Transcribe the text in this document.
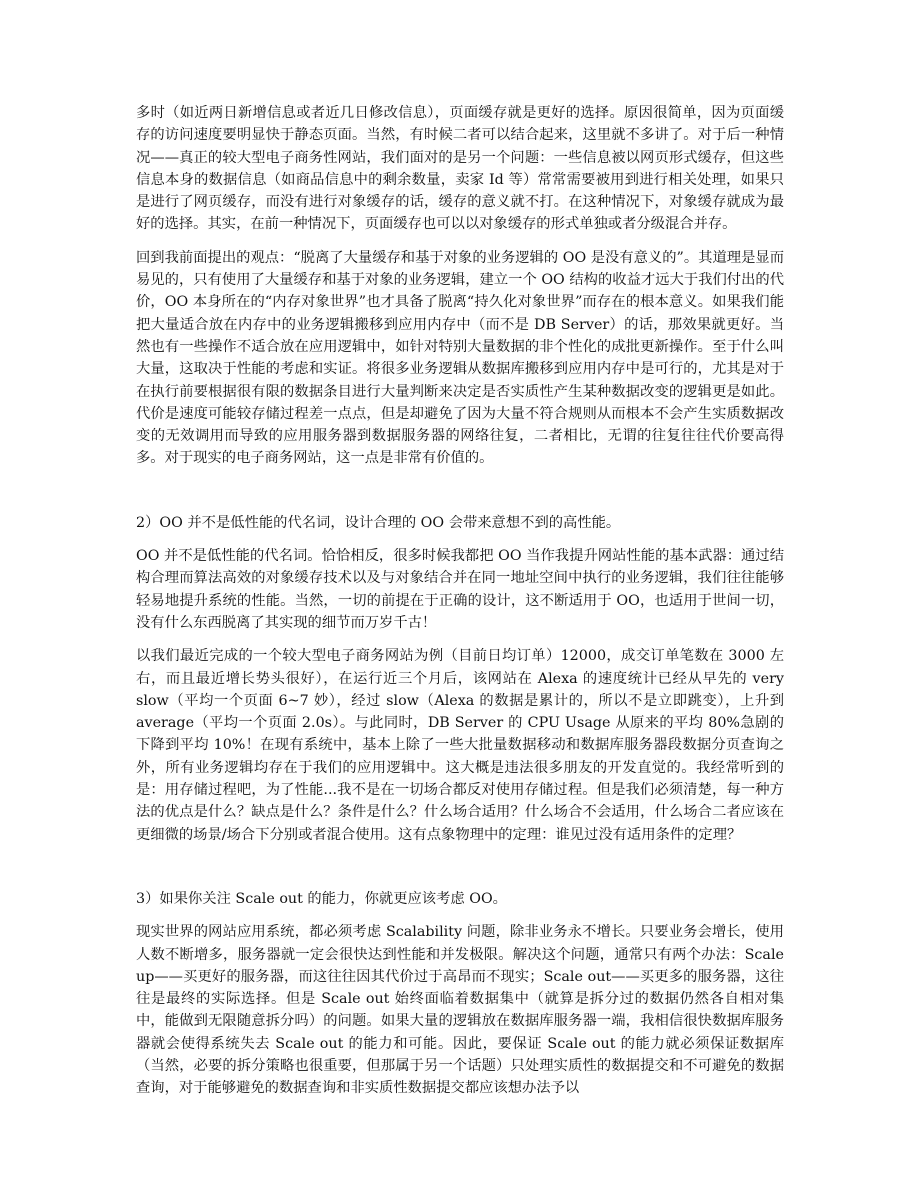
多时（如近两日新增信息或者近几日修改信息），页面缓存就是更好的选择。原因很简单，因为页面缓存的访问速度要明显快于静态页面。当然，有时候二者可以结合起来，这里就不多讲了。对于后一种情况——真正的较大型电子商务性网站，我们面对的是另一个问题：一些信息被以网页形式缓存，但这些信息本身的数据信息（如商品信息中的剩余数量，卖家 Id 等）常常需要被用到进行相关处理，如果只是进行了网页缓存，而没有进行对象缓存的话，缓存的意义就不打。在这种情况下，对象缓存就成为最好的选择。其实，在前一种情况下，页面缓存也可以以对象缓存的形式单独或者分级混合并存。

回到我前面提出的观点：“脱离了大量缓存和基于对象的业务逻辑的 OO 是没有意义的”。其道理是显而易见的，只有使用了大量缓存和基于对象的业务逻辑，建立一个 OO 结构的收益才远大于我们付出的代价，OO 本身所在的“内存对象世界”也才具备了脱离“持久化对象世界”而存在的根本意义。如果我们能把大量适合放在内存中的业务逻辑搬移到应用内存中（而不是 DB Server）的话，那效果就更好。当然也有一些操作不适合放在应用逻辑中，如针对特别大量数据的非个性化的成批更新操作。至于什么叫大量，这取决于性能的考虑和实证。将很多业务逻辑从数据库搬移到应用内存中是可行的，尤其是对于在执行前要根据很有限的数据条目进行大量判断来决定是否实质性产生某种数据改变的逻辑更是如此。代价是速度可能较存储过程差一点点，但是却避免了因为大量不符合规则从而根本不会产生实质数据改变的无效调用而导致的应用服务器到数据服务器的网络往复，二者相比，无谓的往复往往代价要高得多。对于现实的电子商务网站，这一点是非常有价值的。

2）OO 并不是低性能的代名词，设计合理的 OO 会带来意想不到的高性能。

OO 并不是低性能的代名词。恰恰相反，很多时候我都把 OO 当作我提升网站性能的基本武器：通过结构合理而算法高效的对象缓存技术以及与对象结合并在同一地址空间中执行的业务逻辑，我们往往能够轻易地提升系统的性能。当然，一切的前提在于正确的设计，这不断适用于 OO，也适用于世间一切，没有什么东西脱离了其实现的细节而万岁千古！

以我们最近完成的一个较大型电子商务网站为例（目前日均订单）12000，成交订单笔数在 3000 左右，而且最近增长势头很好），在运行近三个月后，该网站在 Alexa 的速度统计已经从早先的 very slow（平均一个页面 6~7 妙），经过 slow（Alexa 的数据是累计的，所以不是立即跳变），上升到 average（平均一个页面 2.0s）。与此同时，DB Server 的 CPU Usage 从原来的平均 80%急剧的下降到平均 10%！在现有系统中，基本上除了一些大批量数据移动和数据库服务器段数据分页查询之外，所有业务逻辑均存在于我们的应用逻辑中。这大概是违法很多朋友的开发直觉的。我经常听到的是：用存储过程吧，为了性能...我不是在一切场合都反对使用存储过程。但是我们必须清楚，每一种方法的优点是什么？缺点是什么？条件是什么？什么场合适用？什么场合不会适用，什么场合二者应该在更细微的场景/场合下分别或者混合使用。这有点象物理中的定理：谁见过没有适用条件的定理？

3）如果你关注 Scale out 的能力，你就更应该考虑 OO。

现实世界的网站应用系统，都必须考虑 Scalability 问题，除非业务永不增长。只要业务会增长，使用人数不断增多，服务器就一定会很快达到性能和并发极限。解决这个问题，通常只有两个办法：Scale up——买更好的服务器，而这往往因其代价过于高昂而不现实；Scale out——买更多的服务器，这往往是最终的实际选择。但是 Scale out 始终面临着数据集中（就算是拆分过的数据仍然各自相对集中，能做到无限随意拆分吗）的问题。如果大量的逻辑放在数据库服务器一端，我相信很快数据库服务器就会使得系统失去 Scale out 的能力和可能。因此，要保证 Scale out 的能力就必须保证数据库（当然，必要的拆分策略也很重要，但那属于另一个话题）只处理实质性的数据提交和不可避免的数据查询，对于能够避免的数据查询和非实质性数据提交都应该想办法予以
